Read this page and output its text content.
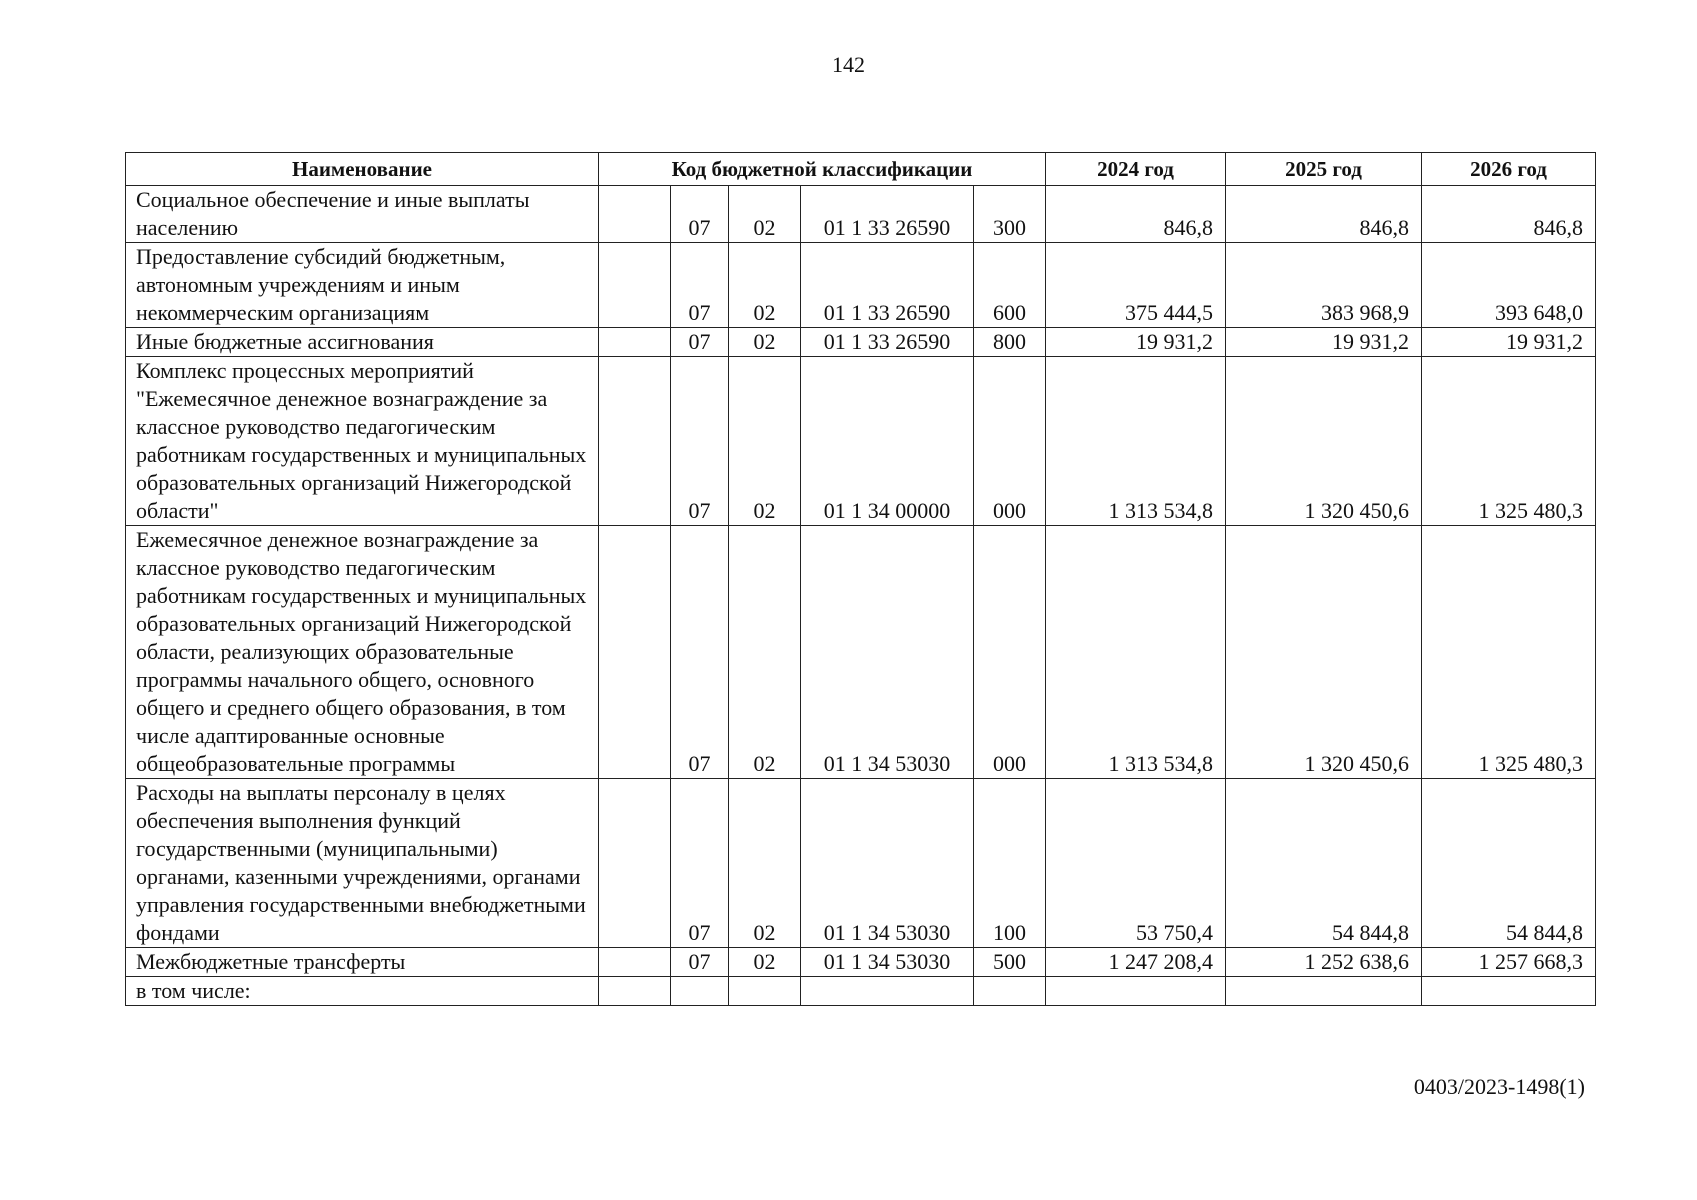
142
Наименование	Код бюджетной классификации					2024 год	2025 год	2026 год
Социальное обеспечение и иные выплаты населению		07	02	01 1 33 26590	300	846,8	846,8	846,8
Предоставление субсидий бюджетным, автономным учреждениям и иным некоммерческим организациям		07	02	01 1 33 26590	600	375 444,5	383 968,9	393 648,0
Иные бюджетные ассигнования		07	02	01 1 33 26590	800	19 931,2	19 931,2	19 931,2
Комплекс процессных мероприятий "Ежемесячное денежное вознаграждение за классное руководство педагогическим работникам государственных и муниципальных образовательных организаций Нижегородской области"		07	02	01 1 34 00000	000	1 313 534,8	1 320 450,6	1 325 480,3
Ежемесячное денежное вознаграждение за классное руководство педагогическим работникам государственных и муниципальных образовательных организаций Нижегородской области, реализующих образовательные программы начального общего, основного общего и среднего общего образования, в том числе адаптированные основные общеобразовательные программы		07	02	01 1 34 53030	000	1 313 534,8	1 320 450,6	1 325 480,3
Расходы на выплаты персоналу в целях обеспечения выполнения функций государственными (муниципальными) органами, казенными учреждениями, органами управления государственными внебюджетными фондами		07	02	01 1 34 53030	100	53 750,4	54 844,8	54 844,8
Межбюджетные трансферты		07	02	01 1 34 53030	500	1 247 208,4	1 252 638,6	1 257 668,3
в том числе:								
0403/2023-1498(1)
